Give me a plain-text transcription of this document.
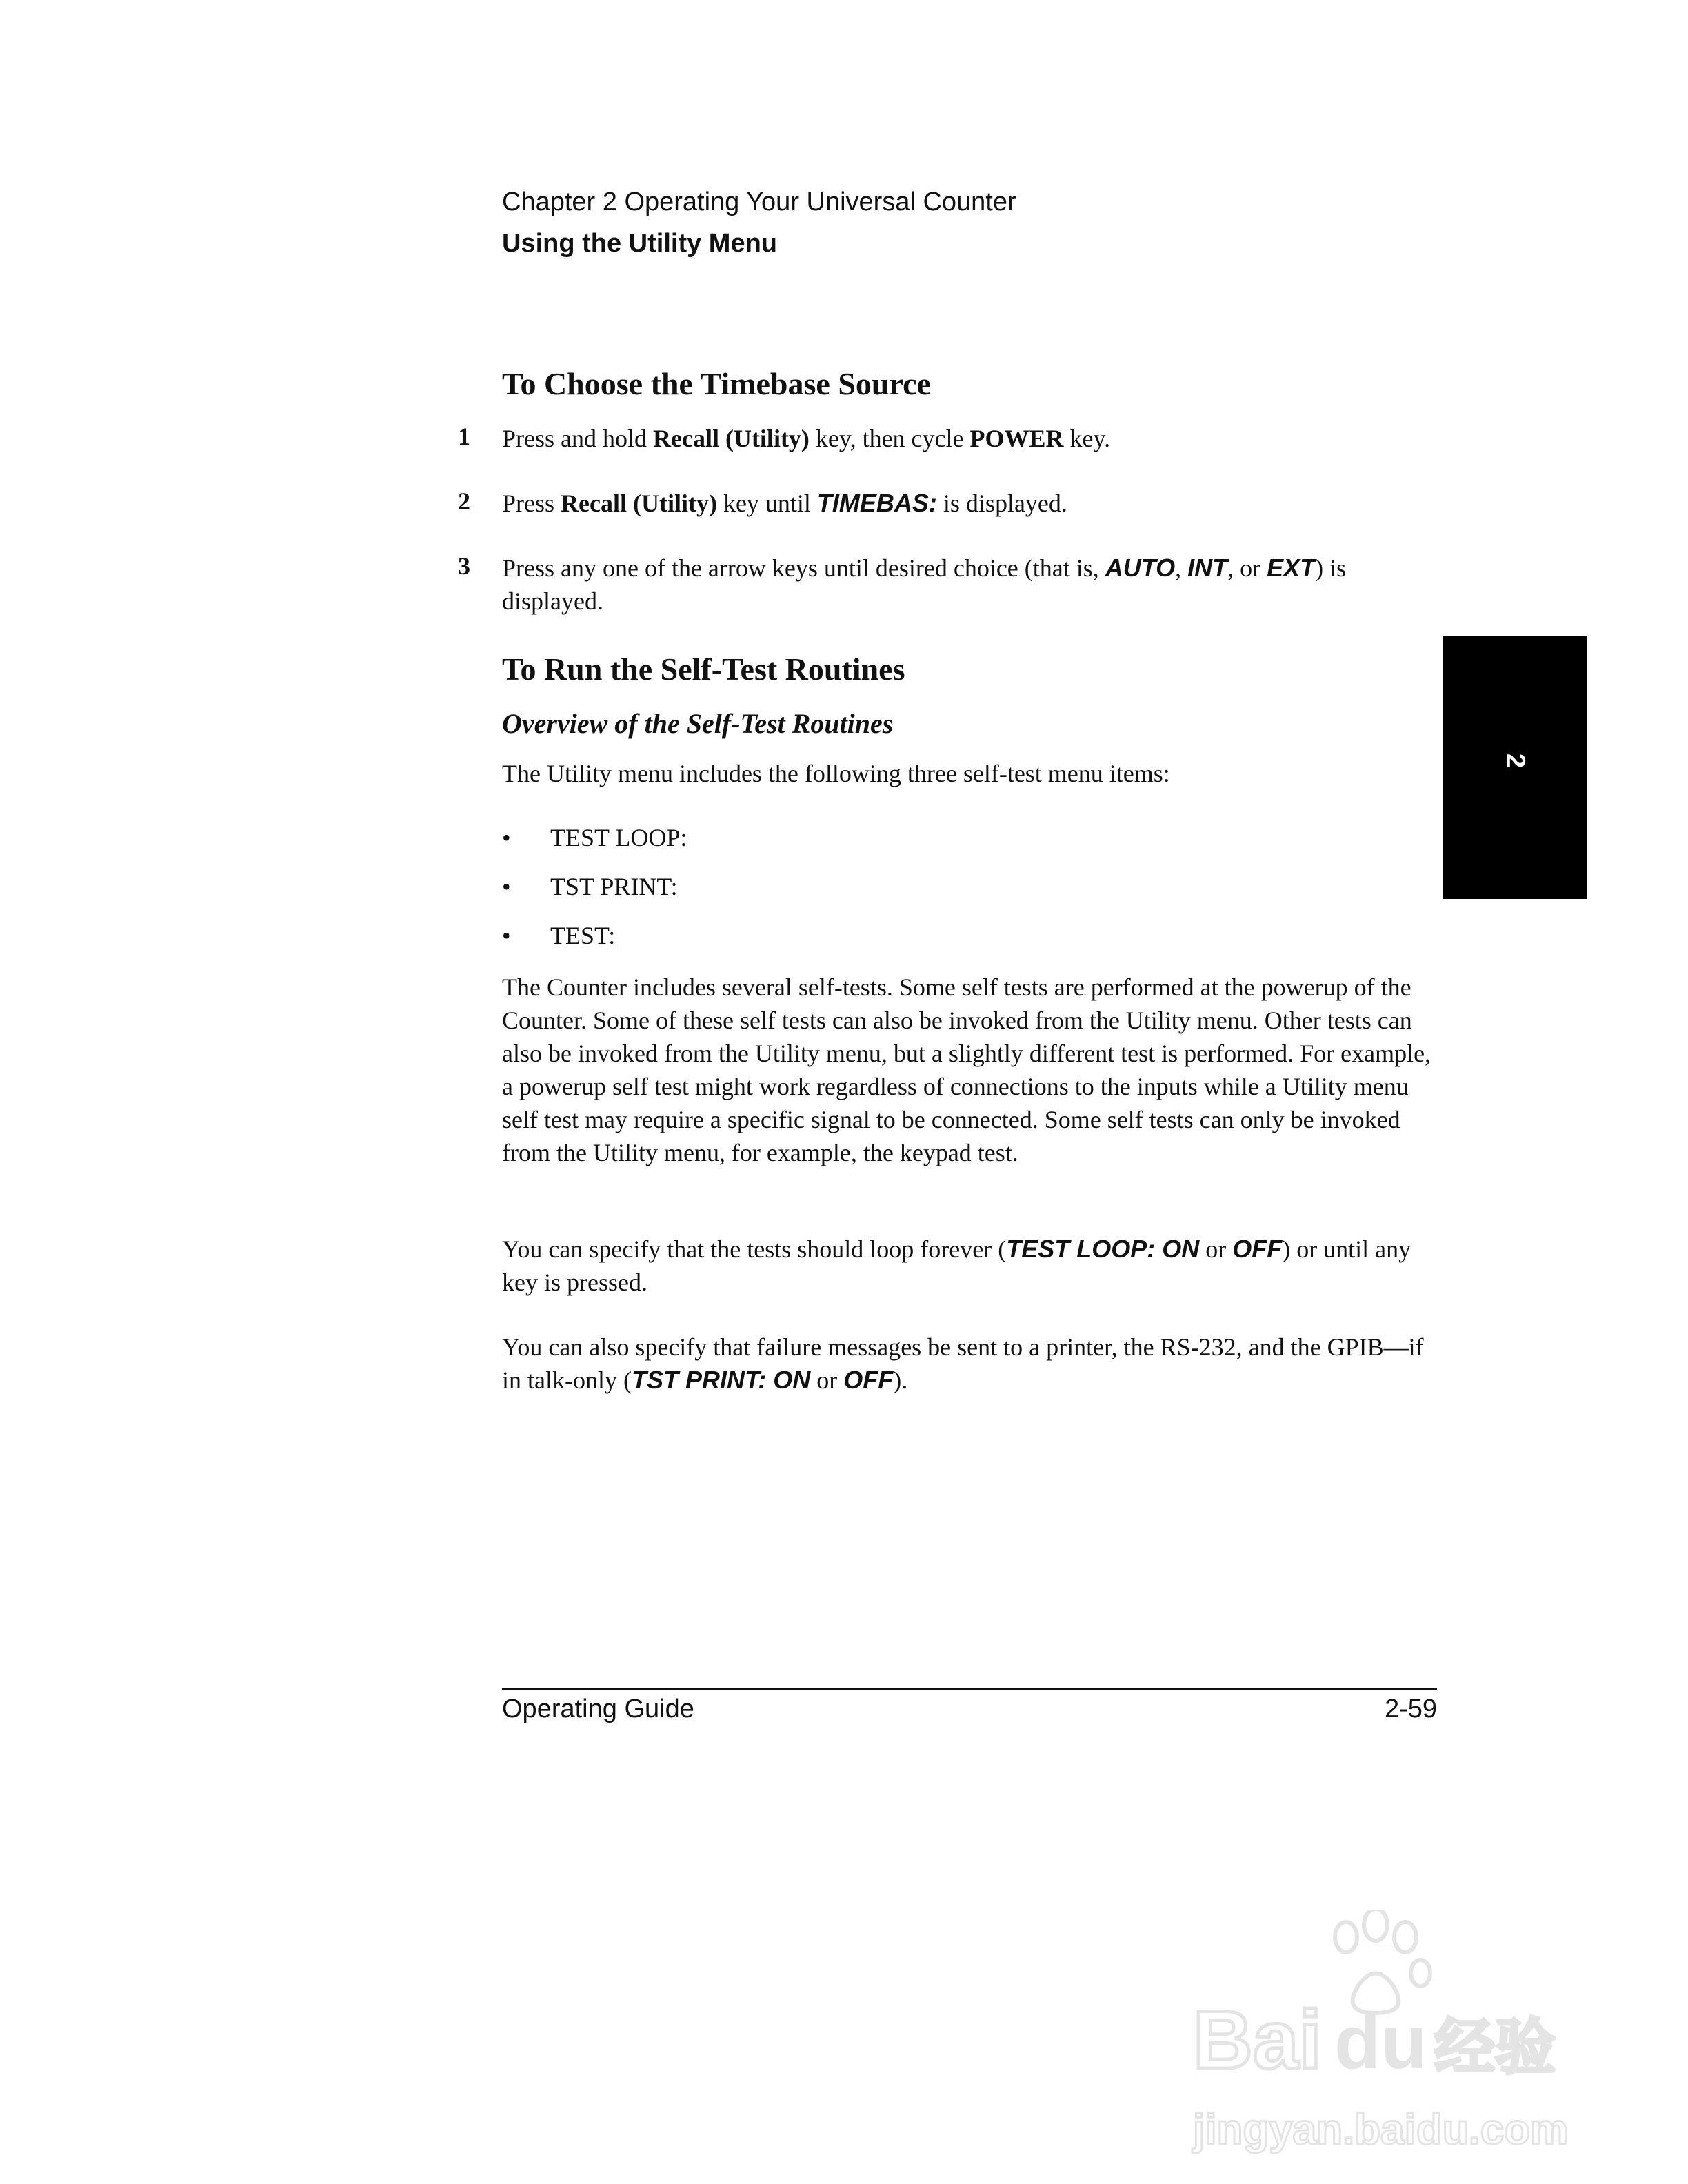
Chapter 2 Operating Your Universal Counter
Using the Utility Menu
To Choose the Timebase Source
1 Press and hold Recall (Utility) key, then cycle POWER key.
2 Press Recall (Utility) key until TIMEBAS: is displayed.
3 Press any one of the arrow keys until desired choice (that is, AUTO, INT, or EXT) is displayed.
To Run the Self-Test Routines
Overview of the Self-Test Routines
The Utility menu includes the following three self-test menu items:
• TEST LOOP:
• TST PRINT:
• TEST:
The Counter includes several self-tests. Some self tests are performed at the powerup of the Counter. Some of these self tests can also be invoked from the Utility menu. Other tests can also be invoked from the Utility menu, but a slightly different test is performed. For example, a powerup self test might work regardless of connections to the inputs while a Utility menu self test may require a specific signal to be connected. Some self tests can only be invoked from the Utility menu, for example, the keypad test.
You can specify that the tests should loop forever (TEST LOOP: ON or OFF) or until any key is pressed.
You can also specify that failure messages be sent to a printer, the RS-232, and the GPIB—if in talk-only (TST PRINT: ON or OFF).
2
Operating Guide	2-59
Bai du 经验
jingyan.baidu.com
